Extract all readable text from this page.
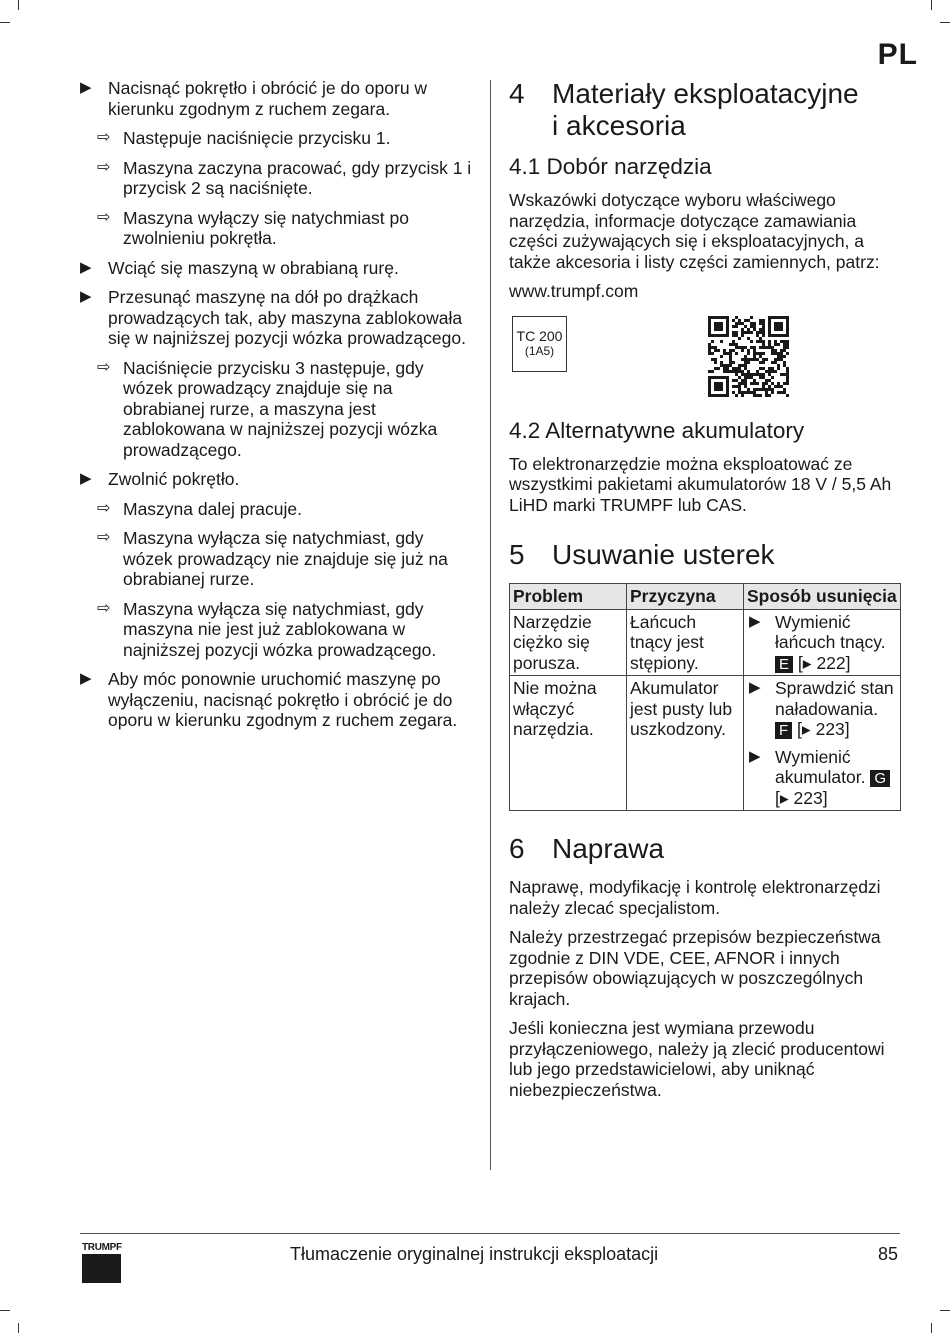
PL
▶ Nacisnąć pokrętło i obrócić je do oporu w kierunku zgodnym z ruchem zegara.
⇨ Następuje naciśnięcie przycisku 1.
⇨ Maszyna zaczyna pracować, gdy przycisk 1 i przycisk 2 są naciśnięte.
⇨ Maszyna wyłączy się natychmiast po zwolnieniu pokrętła.
▶ Wciąć się maszyną w obrabianą rurę.
▶ Przesunąć maszynę na dół po drążkach prowadzących tak, aby maszyna zablokowała się w najniższej pozycji wózka prowadzącego.
⇨ Naciśnięcie przycisku 3 następuje, gdy wózek prowadzący znajduje się na obrabianej rurze, a maszyna jest zablokowana w najniższej pozycji wózka prowadzącego.
▶ Zwolnić pokrętło.
⇨ Maszyna dalej pracuje.
⇨ Maszyna wyłącza się natychmiast, gdy wózek prowadzący nie znajduje się już na obrabianej rurze.
⇨ Maszyna wyłącza się natychmiast, gdy maszyna nie jest już zablokowana w najniższej pozycji wózka prowadzącego.
▶ Aby móc ponownie uruchomić maszynę po wyłączeniu, nacisnąć pokrętło i obrócić je do oporu w kierunku zgodnym z ruchem zegara.
4 Materiały eksploatacyjne i akcesoria
4.1 Dobór narzędzia

Wskazówki dotyczące wyboru właściwego narzędzia, informacje dotyczące zamawiania części zużywających się i eksploatacyjnych, a także akcesoria i listy części zamiennych, patrz:

www.trumpf.com

TC 200
(1A5)
4.2 Alternatywne akumulatory

To elektronarzędzie można eksploatować ze wszystkimi pakietami akumulatorów 18 V / 5,5 Ah LiHD marki TRUMPF lub CAS.

5 Usuwanie usterek
Problem	Przyczyna	Sposób usunięcia
Narzędzie ciężko się porusza.	Łańcuch tnący jest stępiony.	▶ Wymienić łańcuch tnący. E [▸ 222]

Nie można włączyć narzędzia.	Akumulator jest pusty lub uszkodzony.	▶ Sprawdzić stan naładowania. F [▸ 223]
▶ Wymienić akumulator. G [▸ 223]
6 Naprawa

Naprawę, modyfikację i kontrolę elektronarzędzi należy zlecać specjalistom.

Należy przestrzegać przepisów bezpieczeństwa zgodnie z DIN VDE, CEE, AFNOR i innych przepisów obowiązujących w poszczególnych krajach.

Jeśli konieczna jest wymiana przewodu przyłączeniowego, należy ją zlecić producentowi lub jego przedstawicielowi, aby uniknąć niebezpieczeństwa.

TRUMPF	Tłumaczenie oryginalnej instrukcji eksploatacji	85
